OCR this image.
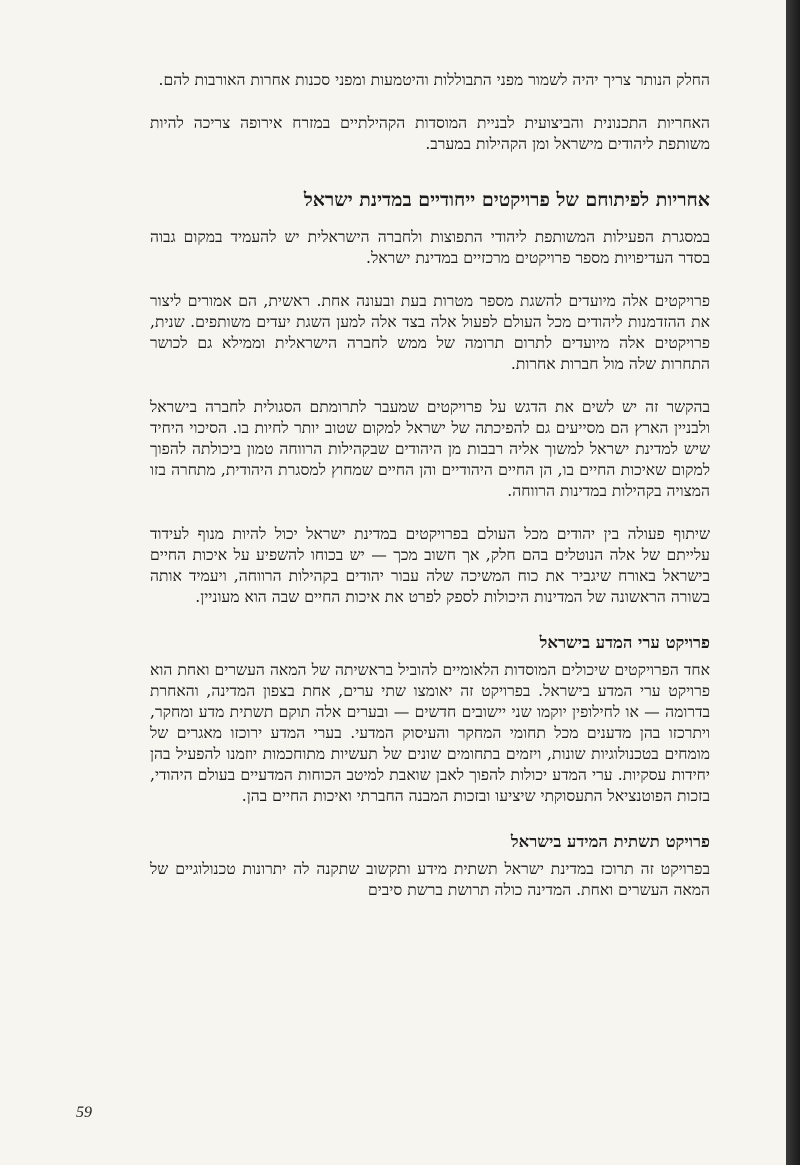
החלק הנותר צריך יהיה לשמור מפני התבוללות והיטמעות ומפני סכנות אחרות האורבות להם.

האחריות התכנונית והביצועית לבניית המוסדות הקהילתיים במזרח אירופה צריכה להיות משותפת ליהודים מישראל ומן הקהילות במערב.

אחריות לפיתוחם של פרויקטים ייחודיים במדינת ישראל

במסגרת הפעילות המשותפת ליהודי התפוצות ולחברה הישראלית יש להעמיד במקום גבוה בסדר העדיפויות מספר פרויקטים מרכזיים במדינת ישראל.

פרויקטים אלה מיועדים להשגת מספר מטרות בעת ובעונה אחת. ראשית, הם אמורים ליצור את ההזדמנות ליהודים מכל העולם לפעול אלה בצד אלה למען השגת יעדים משותפים. שנית, פרויקטים אלה מיועדים לתרום תרומה של ממש לחברה הישראלית וממילא גם לכושר התחרות שלה מול חברות אחרות.

בהקשר זה יש לשים את הדגש על פרויקטים שמעבר לתרומתם הסגולית לחברה בישראל ולבניין הארץ הם מסייעים גם להפיכתה של ישראל למקום שטוב יותר לחיות בו. הסיכוי היחיד שיש למדינת ישראל למשוך אליה רבבות מן היהודים שבקהילות הרווחה טמון ביכולתה להפוך למקום שאיכות החיים בו, הן החיים היהודיים והן החיים שמחוץ למסגרת היהודית, מתחרה בזו המצויה בקהילות במדינות הרווחה.

שיתוף פעולה בין יהודים מכל העולם בפרויקטים במדינת ישראל יכול להיות מנוף לעידוד עלייתם של אלה הנוטלים בהם חלק, אך חשוב מכך — יש בכוחו להשפיע על איכות החיים בישראל באורח שיגביר את כוח המשיכה שלה עבור יהודים בקהילות הרווחה, ויעמיד אותה בשורה הראשונה של המדינות היכולות לספק לפרט את איכות החיים שבה הוא מעוניין.

פרויקט ערי המדע בישראל

אחד הפרויקטים שיכולים המוסדות הלאומיים להוביל בראשיתה של המאה העשרים ואחת הוא פרויקט ערי המדע בישראל. בפרויקט זה יאומצו שתי ערים, אחת בצפון המדינה, והאחרת בדרומה — או לחילופין יוקמו שני יישובים חדשים — ובערים אלה תוקם תשתית מדע ומחקר, ויתרכזו בהן מדענים מכל תחומי המחקר והעיסוק המדעי. בערי המדע ירוכזו מאגרים של מומחים בטכנולוגיות שונות, ויזמים בתחומים שונים של תעשיות מתוחכמות יוזמנו להפעיל בהן יחידות עסקיות. ערי המדע יכולות להפוך לאבן שואבת למיטב הכוחות המדעיים בעולם היהודי, בזכות הפוטנציאל התעסוקתי שיציעו ובזכות המבנה החברתי ואיכות החיים בהן.

פרויקט תשתית המידע בישראל

בפרויקט זה תרוכז במדינת ישראל תשתית מידע ותקשוב שתקנה לה יתרונות טכנולוגיים של המאה העשרים ואחת. המדינה כולה תרושת ברשת סיבים

59
